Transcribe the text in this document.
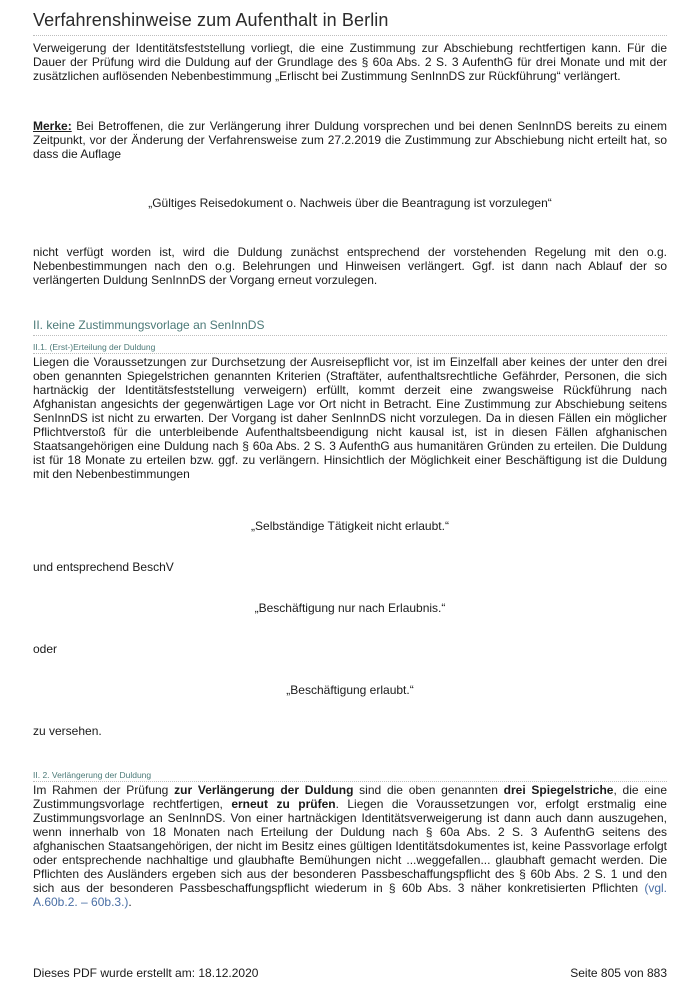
Verfahrenshinweise zum Aufenthalt in Berlin

Verweigerung der Identitätsfeststellung vorliegt, die eine Zustimmung zur Abschiebung rechtfertigen kann. Für die Dauer der Prüfung wird die Duldung auf der Grundlage des § 60a Abs. 2 S. 3 AufenthG für drei Monate und mit der zusätzlichen auflösenden Nebenbestimmung „Erlischt bei Zustimmung SenInnDS zur Rückführung“ verlängert.

Merke: Bei Betroffenen, die zur Verlängerung ihrer Duldung vorsprechen und bei denen SenInnDS bereits zu einem Zeitpunkt, vor der Änderung der Verfahrensweise zum 27.2.2019 die Zustimmung zur Abschiebung nicht erteilt hat, so dass die Auflage

„Gültiges Reisedokument o. Nachweis über die Beantragung ist vorzulegen“

nicht verfügt worden ist, wird die Duldung zunächst entsprechend der vorstehenden Regelung mit den o.g. Nebenbestimmungen nach den o.g. Belehrungen und Hinweisen verlängert. Ggf. ist dann nach Ablauf der so verlängerten Duldung SenInnDS der Vorgang erneut vorzulegen.

II. keine Zustimmungsvorlage an SenInnDS
II.1. (Erst-)Erteilung der Duldung

Liegen die Voraussetzungen zur Durchsetzung der Ausreisepflicht vor, ist im Einzelfall aber keines der unter den drei oben genannten Spiegelstrichen genannten Kriterien (Straftäter, aufenthaltsrechtliche Gefährder, Personen, die sich hartnäckig der Identitätsfeststellung verweigern) erfüllt, kommt derzeit eine zwangsweise Rückführung nach Afghanistan angesichts der gegenwärtigen Lage vor Ort nicht in Betracht. Eine Zustimmung zur Abschiebung seitens SenInnDS ist nicht zu erwarten. Der Vorgang ist daher SenInnDS nicht vorzulegen. Da in diesen Fällen ein möglicher Pflichtverstoß für die unterbleibende Aufenthaltsbeendigung nicht kausal ist, ist in diesen Fällen afghanischen Staatsangehörigen eine Duldung nach § 60a Abs. 2 S. 3 AufenthG aus humanitären Gründen zu erteilen. Die Duldung ist für 18 Monate zu erteilen bzw. ggf. zu verlängern. Hinsichtlich der Möglichkeit einer Beschäftigung ist die Duldung mit den Nebenbestimmungen

„Selbständige Tätigkeit nicht erlaubt.“

und entsprechend BeschV

„Beschäftigung nur nach Erlaubnis.“

oder

„Beschäftigung erlaubt.“

zu versehen.

II. 2. Verlängerung der Duldung

Im Rahmen der Prüfung zur Verlängerung der Duldung sind die oben genannten drei Spiegelstriche, die eine Zustimmungsvorlage rechtfertigen, erneut zu prüfen. Liegen die Voraussetzungen vor, erfolgt erstmalig eine Zustimmungsvorlage an SenInnDS. Von einer hartnäckigen Identitätsverweigerung ist dann auch dann auszugehen, wenn innerhalb von 18 Monaten nach Erteilung der Duldung nach § 60a Abs. 2 S. 3 AufenthG seitens des afghanischen Staatsangehörigen, der nicht im Besitz eines gültigen Identitätsdokumentes ist, keine Passvorlage erfolgt oder entsprechende nachhaltige und glaubhafte Bemühungen nicht ...weggefallen... glaubhaft gemacht werden. Die Pflichten des Ausländers ergeben sich aus der besonderen Passbeschaffungspflicht des § 60b Abs. 2 S. 1 und den sich aus der besonderen Passbeschaffungspflicht wiederum in § 60b Abs. 3 näher konkretisierten Pflichten (vgl. A.60b.2. – 60b.3.).

Dieses PDF wurde erstellt am: 18.12.2020	Seite 805 von 883
